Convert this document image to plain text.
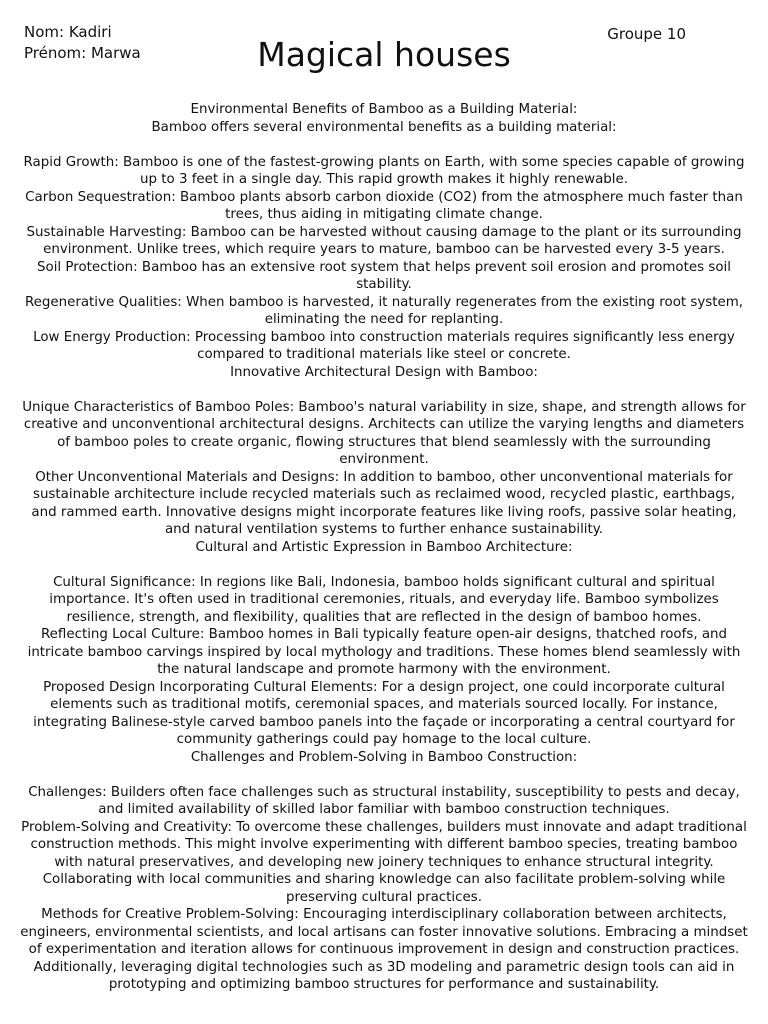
Nom: Kadiri
Prénom: Marwa
Groupe 10
Magical houses

Environmental Benefits of Bamboo as a Building Material:

Bamboo offers several environmental benefits as a building material:

Rapid Growth: Bamboo is one of the fastest-growing plants on Earth, with some species capable of growing up to 3 feet in a single day. This rapid growth makes it highly renewable.

Carbon Sequestration: Bamboo plants absorb carbon dioxide (CO2) from the atmosphere much faster than trees, thus aiding in mitigating climate change.

Sustainable Harvesting: Bamboo can be harvested without causing damage to the plant or its surrounding environment. Unlike trees, which require years to mature, bamboo can be harvested every 3-5 years.

Soil Protection: Bamboo has an extensive root system that helps prevent soil erosion and promotes soil stability.

Regenerative Qualities: When bamboo is harvested, it naturally regenerates from the existing root system, eliminating the need for replanting.

Low Energy Production: Processing bamboo into construction materials requires significantly less energy compared to traditional materials like steel or concrete.

Innovative Architectural Design with Bamboo:

Unique Characteristics of Bamboo Poles: Bamboo's natural variability in size, shape, and strength allows for creative and unconventional architectural designs. Architects can utilize the varying lengths and diameters of bamboo poles to create organic, flowing structures that blend seamlessly with the surrounding environment.

Other Unconventional Materials and Designs: In addition to bamboo, other unconventional materials for sustainable architecture include recycled materials such as reclaimed wood, recycled plastic, earthbags, and rammed earth. Innovative designs might incorporate features like living roofs, passive solar heating, and natural ventilation systems to further enhance sustainability.

Cultural and Artistic Expression in Bamboo Architecture:

Cultural Significance: In regions like Bali, Indonesia, bamboo holds significant cultural and spiritual importance. It's often used in traditional ceremonies, rituals, and everyday life. Bamboo symbolizes resilience, strength, and flexibility, qualities that are reflected in the design of bamboo homes.

Reflecting Local Culture: Bamboo homes in Bali typically feature open-air designs, thatched roofs, and intricate bamboo carvings inspired by local mythology and traditions. These homes blend seamlessly with the natural landscape and promote harmony with the environment.

Proposed Design Incorporating Cultural Elements: For a design project, one could incorporate cultural elements such as traditional motifs, ceremonial spaces, and materials sourced locally. For instance, integrating Balinese-style carved bamboo panels into the façade or incorporating a central courtyard for community gatherings could pay homage to the local culture.

Challenges and Problem-Solving in Bamboo Construction:

Challenges: Builders often face challenges such as structural instability, susceptibility to pests and decay, and limited availability of skilled labor familiar with bamboo construction techniques.

Problem-Solving and Creativity: To overcome these challenges, builders must innovate and adapt traditional construction methods. This might involve experimenting with different bamboo species, treating bamboo with natural preservatives, and developing new joinery techniques to enhance structural integrity. Collaborating with local communities and sharing knowledge can also facilitate problem-solving while preserving cultural practices.

Methods for Creative Problem-Solving: Encouraging interdisciplinary collaboration between architects, engineers, environmental scientists, and local artisans can foster innovative solutions. Embracing a mindset of experimentation and iteration allows for continuous improvement in design and construction practices. Additionally, leveraging digital technologies such as 3D modeling and parametric design tools can aid in prototyping and optimizing bamboo structures for performance and sustainability.
